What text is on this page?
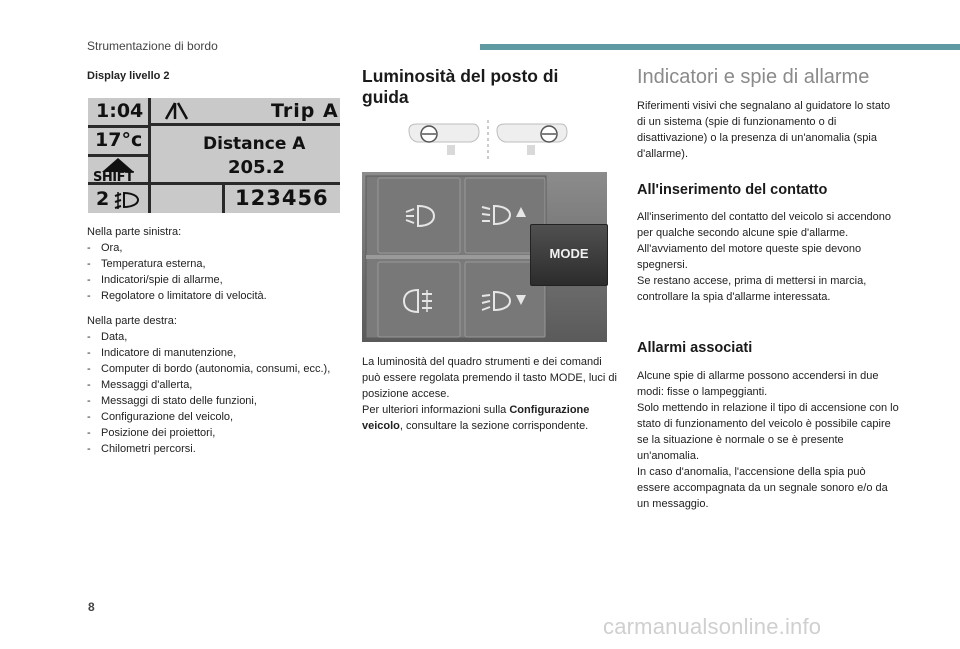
Strumentazione di bordo
Display livello 2
1:04
17°c
SHIFT
2
Trip A
Distance A
205.2
123456
Nella parte sinistra:
- Ora,
- Temperatura esterna,
- Indicatori/spie di allarme,
- Regolatore o limitatore di velocità.
Nella parte destra:
- Data,
- Indicatore di manutenzione,
- Computer di bordo (autonomia, consumi, ecc.),
- Messaggi d'allerta,
- Messaggi di stato delle funzioni,
- Configurazione del veicolo,
- Posizione dei proiettori,
- Chilometri percorsi.
Luminosità del posto di guida
MODE
La luminosità del quadro strumenti e dei comandi può essere regolata premendo il tasto MODE, luci di posizione accese.
Per ulteriori informazioni sulla Configurazione veicolo, consultare la sezione corrispondente.
Indicatori e spie di allarme
Riferimenti visivi che segnalano al guidatore lo stato di un sistema (spie di funzionamento o di disattivazione) o la presenza di un'anomalia (spia d'allarme).
All'inserimento del contatto
All'inserimento del contatto del veicolo si accendono per qualche secondo alcune spie d'allarme.
All'avviamento del motore queste spie devono spegnersi.
Se restano accese, prima di mettersi in marcia, controllare la spia d'allarme interessata.
Allarmi associati
Alcune spie di allarme possono accendersi in due modi: fisse o lampeggianti.
Solo mettendo in relazione il tipo di accensione con lo stato di funzionamento del veicolo è possibile capire se la situazione è normale o se è presente un'anomalia.
In caso d'anomalia, l'accensione della spia può essere accompagnata da un segnale sonoro e/o da un messaggio.
8
carmanualsonline.info
